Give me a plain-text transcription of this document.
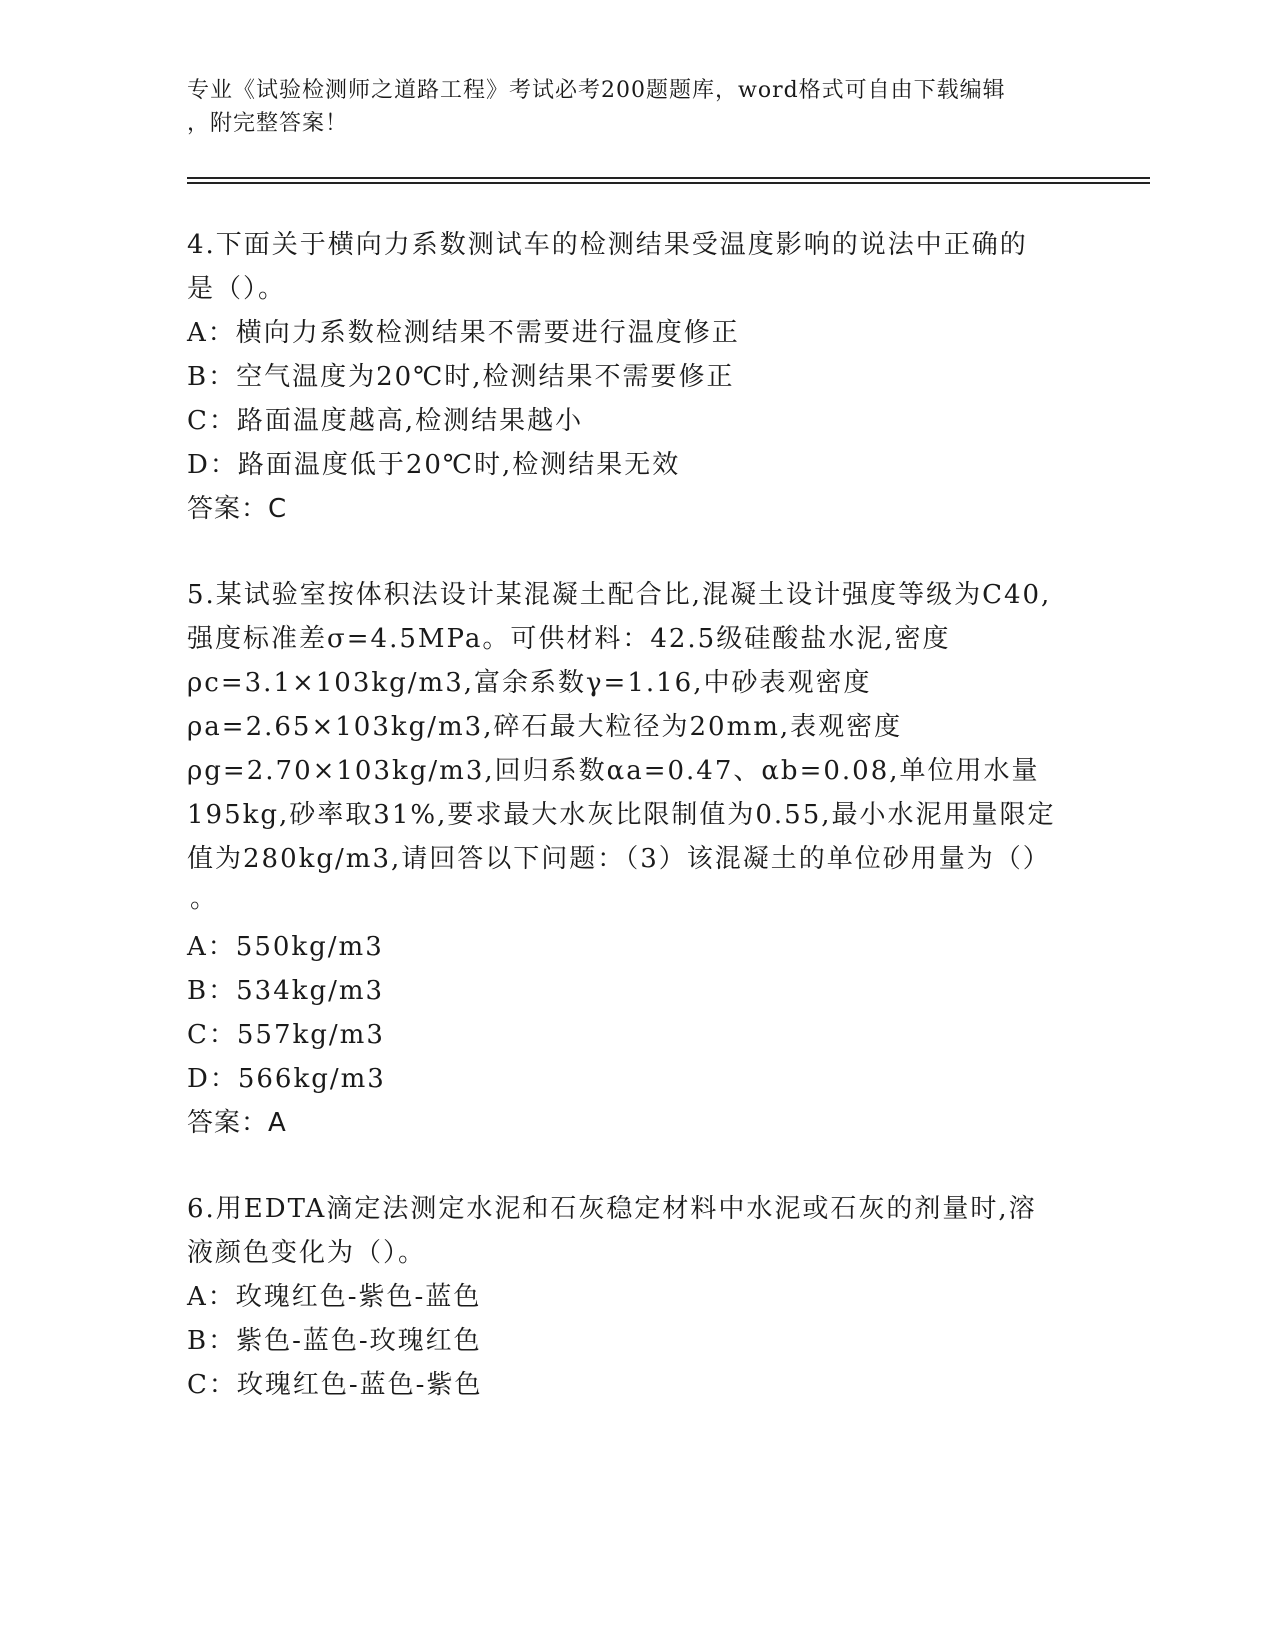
专业《试验检测师之道路工程》考试必考200题题库，word格式可自由下载编辑
，附完整答案！
4.下面关于横向力系数测试车的检测结果受温度影响的说法中正确的
是（）。
A：横向力系数检测结果不需要进行温度修正
B：空气温度为20℃时,检测结果不需要修正
C：路面温度越高,检测结果越小
D：路面温度低于20℃时,检测结果无效
答案：C
5.某试验室按体积法设计某混凝土配合比,混凝土设计强度等级为C40,
强度标准差σ=4.5MPa。可供材料：42.5级硅酸盐水泥,密度
ρc=3.1×103kg/m3,富余系数γ=1.16,中砂表观密度
ρa=2.65×103kg/m3,碎石最大粒径为20mm,表观密度
ρg=2.70×103kg/m3,回归系数αa=0.47、αb=0.08,单位用水量
195kg,砂率取31%,要求最大水灰比限制值为0.55,最小水泥用量限定
值为280kg/m3,请回答以下问题：（3）该混凝土的单位砂用量为（）
。
A：550kg/m3
B：534kg/m3
C：557kg/m3
D：566kg/m3
答案：A
6.用EDTA滴定法测定水泥和石灰稳定材料中水泥或石灰的剂量时,溶
液颜色变化为（）。
A：玫瑰红色-紫色-蓝色
B：紫色-蓝色-玫瑰红色
C：玫瑰红色-蓝色-紫色
